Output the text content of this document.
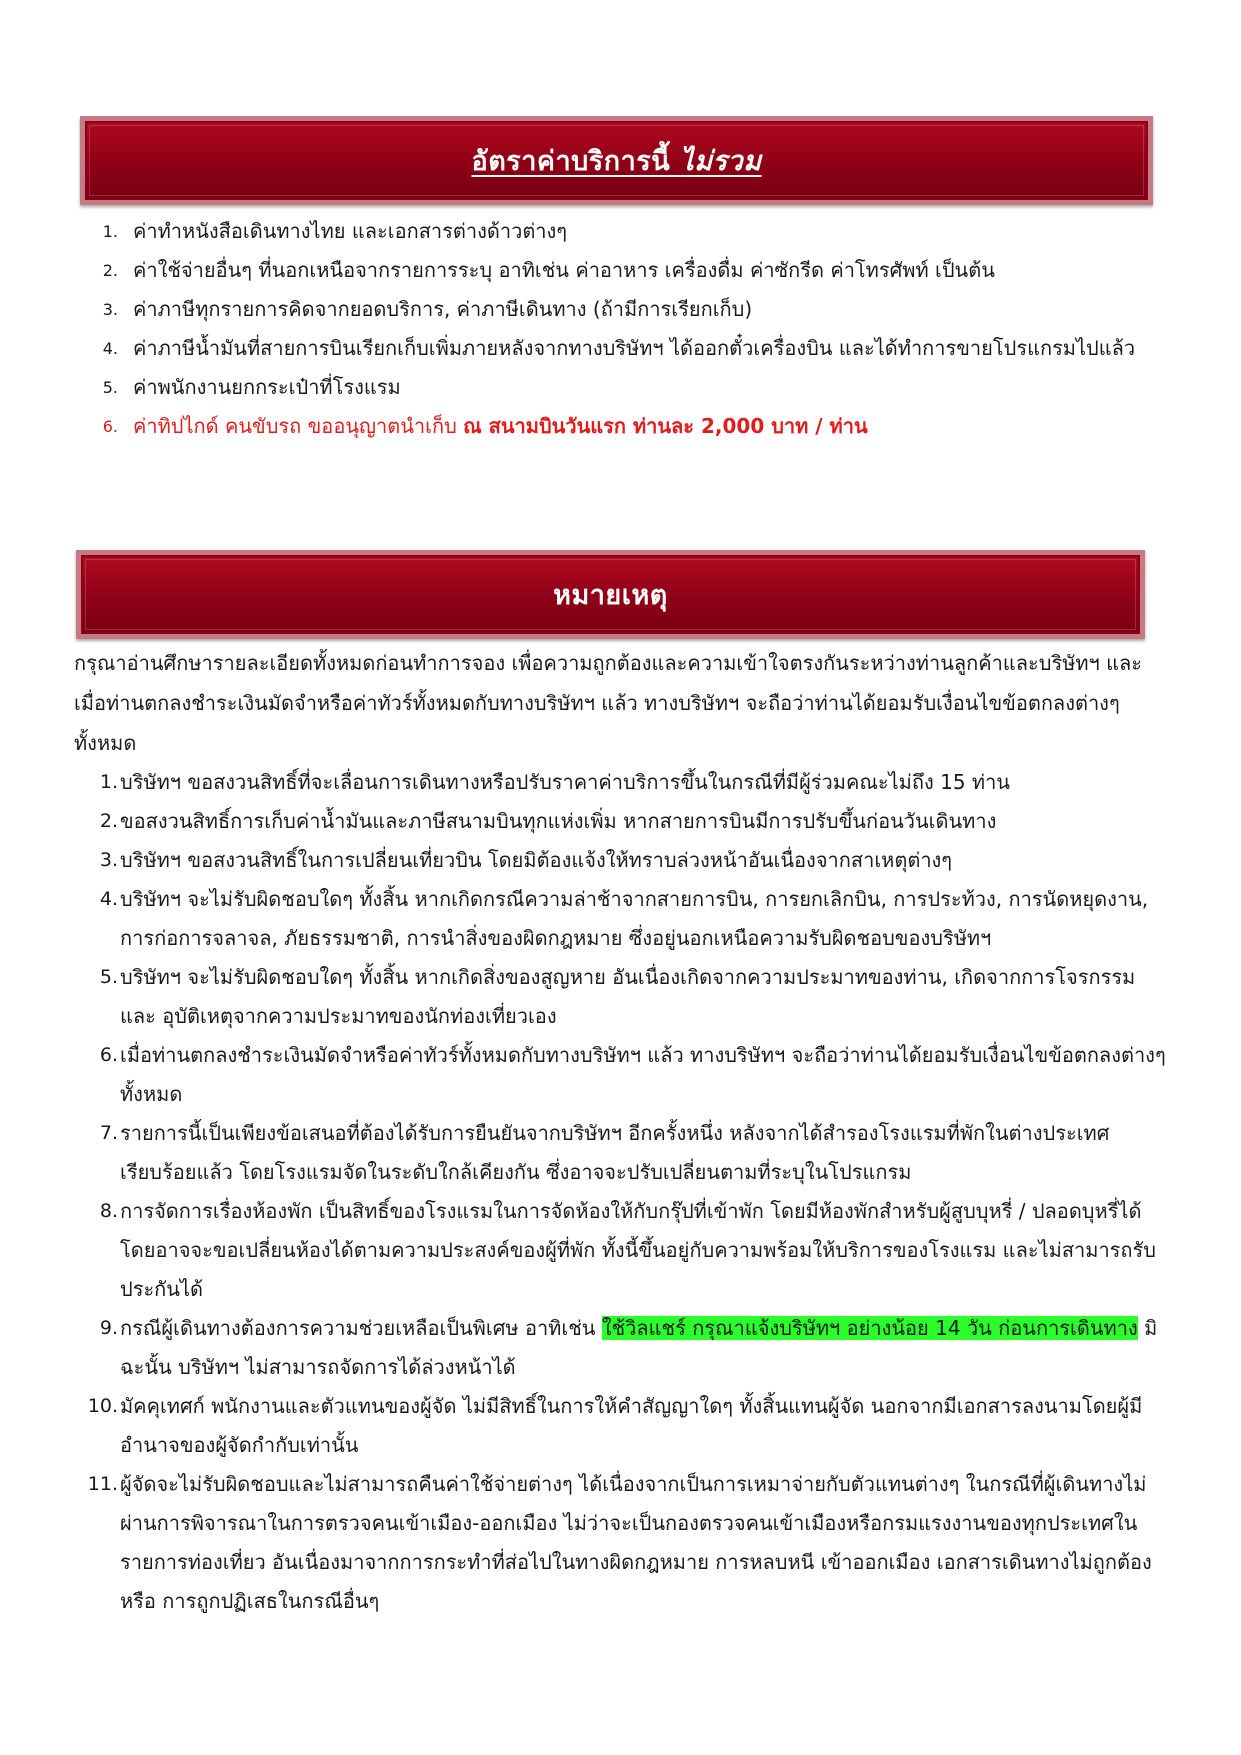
อัตราค่าบริการนี้ ไม่รวม
1. ค่าทำหนังสือเดินทางไทย และเอกสารต่างด้าวต่างๆ
2. ค่าใช้จ่ายอื่นๆ ที่นอกเหนือจากรายการระบุ อาทิเช่น ค่าอาหาร เครื่องดื่ม ค่าซักรีด ค่าโทรศัพท์ เป็นต้น
3. ค่าภาษีทุกรายการคิดจากยอดบริการ, ค่าภาษีเดินทาง (ถ้ามีการเรียกเก็บ)
4. ค่าภาษีน้ำมันที่สายการบินเรียกเก็บเพิ่มภายหลังจากทางบริษัทฯ ได้ออกตั๋วเครื่องบิน และได้ทำการขายโปรแกรมไปแล้ว
5. ค่าพนักงานยกกระเป๋าที่โรงแรม
6. ค่าทิปไกด์ คนขับรถ ขออนุญาตนำเก็บ ณ สนามบินวันแรก ท่านละ 2,000 บาท / ท่าน
หมายเหตุ

กรุณาอ่านศึกษารายละเอียดทั้งหมดก่อนทำการจอง เพื่อความถูกต้องและความเข้าใจตรงกันระหว่างท่านลูกค้าและบริษัทฯ และเมื่อท่านตกลงชำระเงินมัดจำหรือค่าทัวร์ทั้งหมดกับทางบริษัทฯ แล้ว ทางบริษัทฯ จะถือว่าท่านได้ยอมรับเงื่อนไขข้อตกลงต่างๆ ทั้งหมด

1. บริษัทฯ ขอสงวนสิทธิ์ที่จะเลื่อนการเดินทางหรือปรับราคาค่าบริการขึ้นในกรณีที่มีผู้ร่วมคณะไม่ถึง 15 ท่าน
2. ขอสงวนสิทธิ์การเก็บค่าน้ำมันและภาษีสนามบินทุกแห่งเพิ่ม หากสายการบินมีการปรับขึ้นก่อนวันเดินทาง
3. บริษัทฯ ขอสงวนสิทธิ์ในการเปลี่ยนเที่ยวบิน โดยมิต้องแจ้งให้ทราบล่วงหน้าอันเนื่องจากสาเหตุต่างๆ
4. บริษัทฯ จะไม่รับผิดชอบใดๆ ทั้งสิ้น หากเกิดกรณีความล่าช้าจากสายการบิน, การยกเลิกบิน, การประท้วง, การนัดหยุดงาน, การก่อการจลาจล, ภัยธรรมชาติ, การนำสิ่งของผิดกฎหมาย ซึ่งอยู่นอกเหนือความรับผิดชอบของบริษัทฯ
5. บริษัทฯ จะไม่รับผิดชอบใดๆ ทั้งสิ้น หากเกิดสิ่งของสูญหาย อันเนื่องเกิดจากความประมาทของท่าน, เกิดจากการโจรกรรม และ อุบัติเหตุจากความประมาทของนักท่องเที่ยวเอง
6. เมื่อท่านตกลงชำระเงินมัดจำหรือค่าทัวร์ทั้งหมดกับทางบริษัทฯ แล้ว ทางบริษัทฯ จะถือว่าท่านได้ยอมรับเงื่อนไขข้อตกลงต่างๆ ทั้งหมด
7. รายการนี้เป็นเพียงข้อเสนอที่ต้องได้รับการยืนยันจากบริษัทฯ อีกครั้งหนึ่ง หลังจากได้สำรองโรงแรมที่พักในต่างประเทศเรียบร้อยแล้ว โดยโรงแรมจัดในระดับใกล้เคียงกัน ซึ่งอาจจะปรับเปลี่ยนตามที่ระบุในโปรแกรม
8. การจัดการเรื่องห้องพัก เป็นสิทธิ์ของโรงแรมในการจัดห้องให้กับกรุ๊ปที่เข้าพัก โดยมีห้องพักสำหรับผู้สูบบุหรี่ / ปลอดบุหรี่ได้ โดยอาจจะขอเปลี่ยนห้องได้ตามความประสงค์ของผู้ที่พัก ทั้งนี้ขึ้นอยู่กับความพร้อมให้บริการของโรงแรม และไม่สามารถรับประกันได้
9. กรณีผู้เดินทางต้องการความช่วยเหลือเป็นพิเศษ อาทิเช่น ใช้วิลแชร์ กรุณาแจ้งบริษัทฯ อย่างน้อย 14 วัน ก่อนการเดินทาง มิฉะนั้น บริษัทฯ ไม่สามารถจัดการได้ล่วงหน้าได้
10. มัคคุเทศก์ พนักงานและตัวแทนของผู้จัด ไม่มีสิทธิ์ในการให้คำสัญญาใดๆ ทั้งสิ้นแทนผู้จัด นอกจากมีเอกสารลงนามโดยผู้มีอำนาจของผู้จัดกำกับเท่านั้น
11. ผู้จัดจะไม่รับผิดชอบและไม่สามารถคืนค่าใช้จ่ายต่างๆ ได้เนื่องจากเป็นการเหมาจ่ายกับตัวแทนต่างๆ ในกรณีที่ผู้เดินทางไม่ผ่านการพิจารณาในการตรวจคนเข้าเมือง-ออกเมือง ไม่ว่าจะเป็นกองตรวจคนเข้าเมืองหรือกรมแรงงานของทุกประเทศในรายการท่องเที่ยว อันเนื่องมาจากการกระทำที่ส่อไปในทางผิดกฎหมาย การหลบหนี เข้าออกเมือง เอกสารเดินทางไม่ถูกต้อง หรือ การถูกปฏิเสธในกรณีอื่นๆ
